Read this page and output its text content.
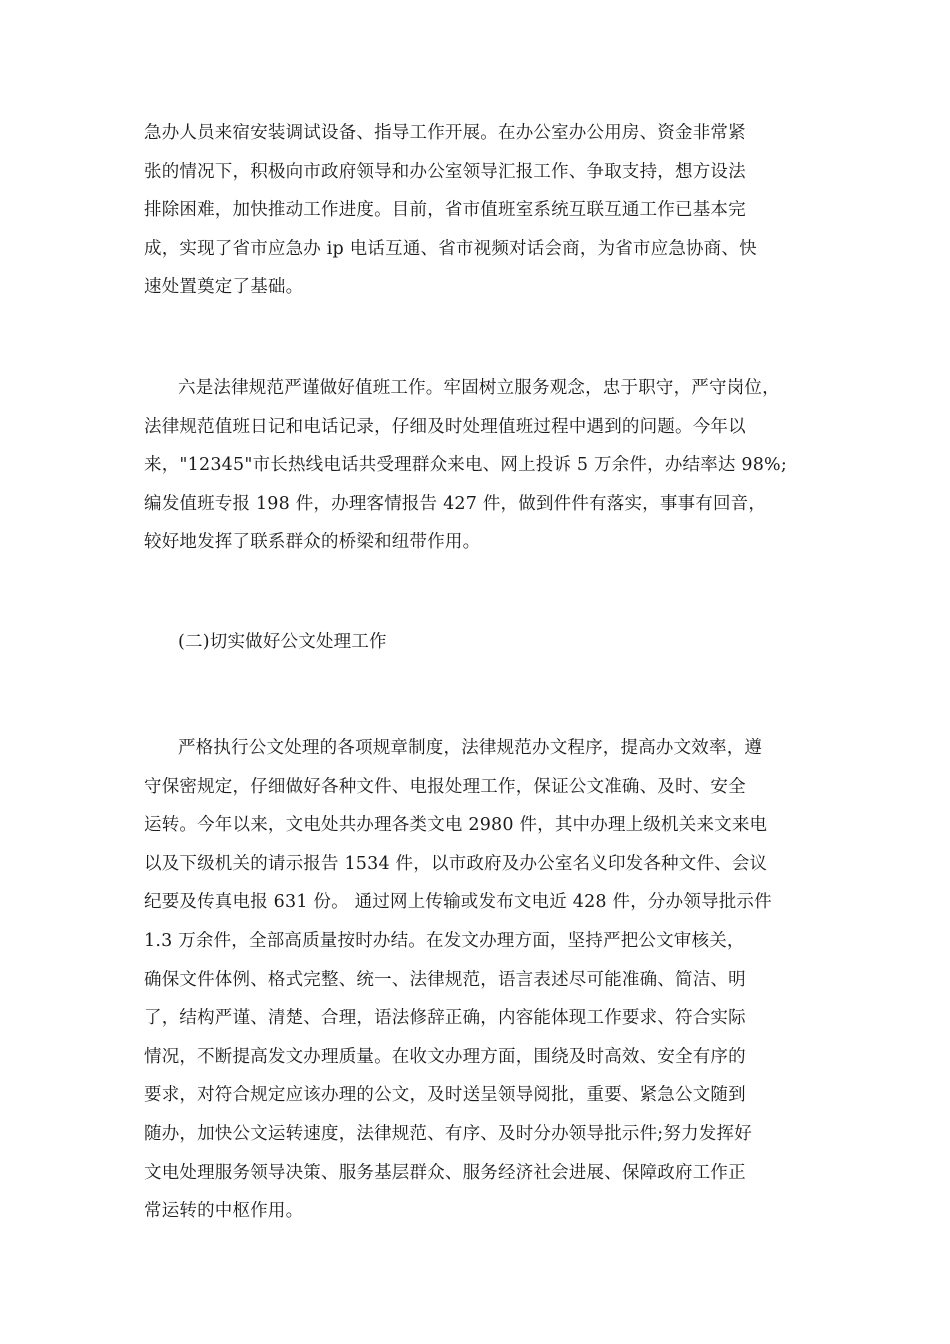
急办人员来宿安装调试设备、指导工作开展。在办公室办公用房、资金非常紧
张的情况下，积极向市政府领导和办公室领导汇报工作、争取支持，想方设法
排除困难，加快推动工作进度。目前，省市值班室系统互联互通工作已基本完
成，实现了省市应急办 ip 电话互通、省市视频对话会商，为省市应急协商、快
速处置奠定了基础。
六是法律规范严谨做好值班工作。牢固树立服务观念，忠于职守，严守岗位，
法律规范值班日记和电话记录，仔细及时处理值班过程中遇到的问题。今年以
来，"12345"市长热线电话共受理群众来电、网上投诉 5 万余件，办结率达 98%;
编发值班专报 198 件，办理客情报告 427 件，做到件件有落实，事事有回音，
较好地发挥了联系群众的桥梁和纽带作用。
(二)切实做好公文处理工作
严格执行公文处理的各项规章制度，法律规范办文程序，提高办文效率，遵
守保密规定，仔细做好各种文件、电报处理工作，保证公文准确、及时、安全
运转。今年以来，文电处共办理各类文电 2980 件，其中办理上级机关来文来电
以及下级机关的请示报告 1534 件，以市政府及办公室名义印发各种文件、会议
纪要及传真电报 631 份。 通过网上传输或发布文电近 428 件，分办领导批示件
1.3 万余件，全部高质量按时办结。在发文办理方面，坚持严把公文审核关，
确保文件体例、格式完整、统一、法律规范，语言表述尽可能准确、简洁、明
了，结构严谨、清楚、合理，语法修辞正确，内容能体现工作要求、符合实际
情况，不断提高发文办理质量。在收文办理方面，围绕及时高效、安全有序的
要求，对符合规定应该办理的公文，及时送呈领导阅批，重要、紧急公文随到
随办，加快公文运转速度，法律规范、有序、及时分办领导批示件;努力发挥好
文电处理服务领导决策、服务基层群众、服务经济社会进展、保障政府工作正
常运转的中枢作用。
